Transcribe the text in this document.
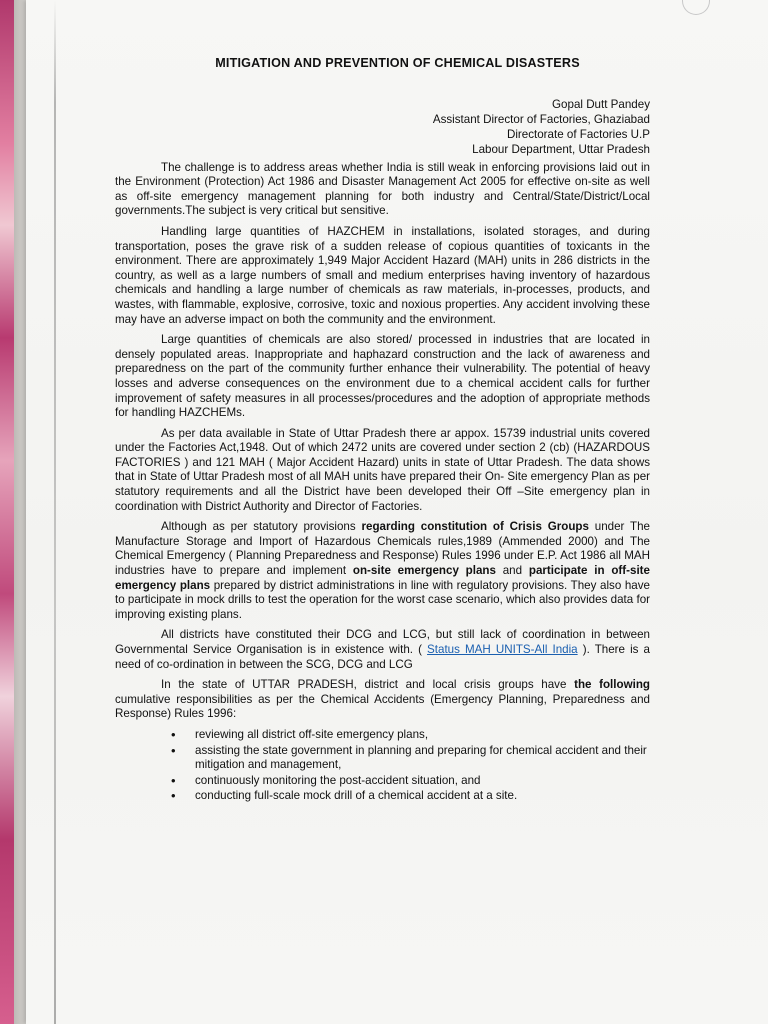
MITIGATION AND PREVENTION OF CHEMICAL DISASTERS
Gopal Dutt Pandey
Assistant Director of Factories, Ghaziabad
Directorate of Factories U.P
Labour Department, Uttar Pradesh

The challenge is to address areas whether India is still weak in enforcing provisions laid out in the Environment (Protection) Act 1986 and Disaster Management Act 2005 for effective on-site as well as off-site emergency management planning for both industry and Central/State/District/Local governments.The subject is very critical but sensitive.

Handling large quantities of HAZCHEM in installations, isolated storages, and during transportation, poses the grave risk of a sudden release of copious quantities of toxicants in the environment. There are approximately 1,949 Major Accident Hazard (MAH) units in 286 districts in the country, as well as a large numbers of small and medium enterprises having inventory of hazardous chemicals and handling a large number of chemicals as raw materials, in-processes, products, and wastes, with flammable, explosive, corrosive, toxic and noxious properties. Any accident involving these may have an adverse impact on both the community and the environment.

Large quantities of chemicals are also stored/ processed in industries that are located in densely populated areas. Inappropriate and haphazard construction and the lack of awareness and preparedness on the part of the community further enhance their vulnerability. The potential of heavy losses and adverse consequences on the environment due to a chemical accident calls for further improvement of safety measures in all processes/procedures and the adoption of appropriate methods for handling HAZCHEMs.

As per data available in State of Uttar Pradesh there ar appox. 15739 industrial units covered under the Factories Act,1948. Out of which 2472 units are covered under section 2 (cb) (HAZARDOUS FACTORIES ) and 121 MAH ( Major Accident Hazard) units in state of Uttar Pradesh. The data shows that in State of Uttar Pradesh most of all MAH units have prepared their On- Site emergency Plan as per statutory requirements and all the District have been developed their Off –Site emergency plan in coordination with District Authority and Director of Factories.

Although as per statutory provisions regarding constitution of Crisis Groups under The Manufacture Storage and Import of Hazardous Chemicals rules,1989 (Ammended 2000) and The Chemical Emergency ( Planning Preparedness and Response) Rules 1996 under E.P. Act 1986 all MAH industries have to prepare and implement on-site emergency plans and participate in off-site emergency plans prepared by district administrations in line with regulatory provisions. They also have to participate in mock drills to test the operation for the worst case scenario, which also provides data for improving existing plans.

All districts have constituted their DCG and LCG, but still lack of coordination in between Governmental Service Organisation is in existence with. ( Status MAH UNITS-All India ). There is a need of co-ordination in between the SCG, DCG and LCG

In the state of UTTAR PRADESH, district and local crisis groups have the following cumulative responsibilities as per the Chemical Accidents (Emergency Planning, Preparedness and Response) Rules 1996:

• reviewing all district off-site emergency plans,
• assisting the state government in planning and preparing for chemical accident and their mitigation and management,
• continuously monitoring the post-accident situation, and
• conducting full-scale mock drill of a chemical accident at a site.
